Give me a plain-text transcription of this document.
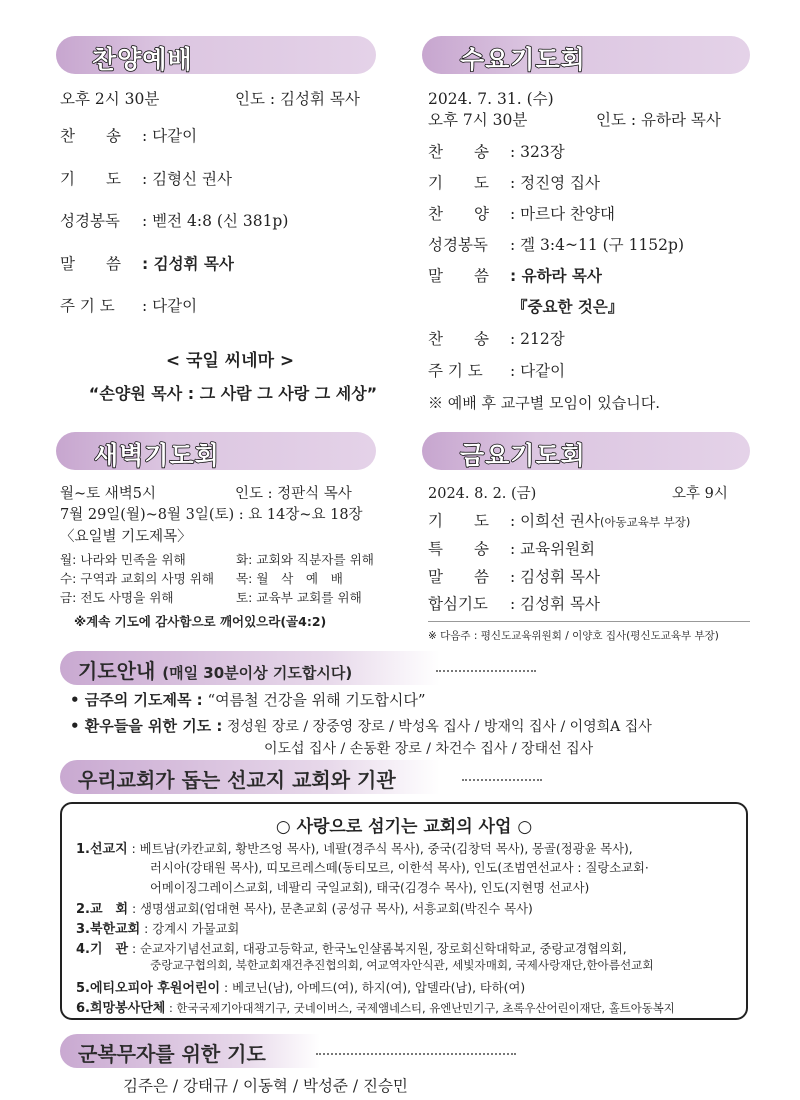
찬양예배
오후 2시 30분	인도 : 김성휘 목사
찬　　송 : 다같이
기　　도 : 김형신 권사
성경봉독 : 벧전 4:8 (신 381p)
말　　씀 : 김성휘 목사
주 기 도 : 다같이
< 국일 씨네마 >
“손양원 목사 : 그 사람 그 사랑 그 세상”
수요기도회
2024. 7. 31. (수)
오후 7시 30분	인도 : 유하라 목사
찬　　송 : 323장
기　　도 : 정진영 집사
찬　　양 : 마르다 찬양대
성경봉독 : 겔 3:4~11 (구 1152p)
말　　씀 : 유하라 목사
『중요한 것은』
찬　　송 : 212장
주 기 도 : 다같이
※ 예배 후 교구별 모임이 있습니다.
새벽기도회
월~토 새벽5시	인도 : 정판식 목사
7월 29일(월)~8월 3일(토) : 요 14장~요 18장
〈요일별 기도제목〉
월: 나라와 민족을 위해	화: 교회와 직분자를 위해
수: 구역과 교회의 사명 위해 목: 월　삭　예　배
금: 전도 사명을 위해	토: 교육부 교회를 위해
※계속 기도에 감사함으로 깨어있으라(골4:2)
금요기도회
2024. 8. 2. (금)	오후 9시
기　　도 : 이희선 권사(아동교육부 부장)
특　　송 : 교육위원회
말　　씀 : 김성휘 목사
합심기도 : 김성휘 목사
※ 다음주 : 평신도교육위원회 / 이양호 집사(평신도교육부 부장)
기도안내 (매일 30분이상 기도합시다)
• 금주의 기도제목 : “여름철 건강을 위해 기도합시다”
• 환우들을 위한 기도 : 정성원 장로 / 장중영 장로 / 박성옥 집사 / 방재익 집사 / 이영희A 집사
이도섭 집사 / 손동환 장로 / 차건수 집사 / 장태선 집사
우리교회가 돕는 선교지 교회와 기관
○ 사랑으로 섬기는 교회의 사업 ○
1.선교지 : 베트남(카칸교회, 황반즈엉 목사), 네팔(경주식 목사), 중국(김창덕 목사), 몽골(정광윤 목사),
러시아(강태원 목사), 띠모르레스떼(동티모르, 이한석 목사), 인도(조범연선교사 : 질랑소교회·
어메이징그레이스교회, 네팔리 국일교회), 태국(김경수 목사), 인도(지현명 선교사)
2.교　회 : 생명샘교회(엄대현 목사), 문촌교회 (공성규 목사), 서흥교회(박진수 목사)
3.북한교회 : 강계시 가물교회
4.기　관 : 순교자기념선교회, 대광고등학교, 한국노인샬롬복지원, 장로회신학대학교, 중랑교경협의회,
중랑교구협의회, 북한교회재건추진협의회, 여교역자안식관, 세빛자매회, 국제사랑재단,한아름선교회
5.에티오피아 후원어린이 : 베코닌(남), 아메드(여), 하지(여), 압델라(남), 타하(여)
6.희망봉사단체 : 한국국제기아대책기구, 굿네이버스, 국제앰네스티, 유엔난민기구, 초록우산어린이재단, 홀트아동복지
군복무자를 위한 기도
김주은 / 강태규 / 이동혁 / 박성준 / 진승민
